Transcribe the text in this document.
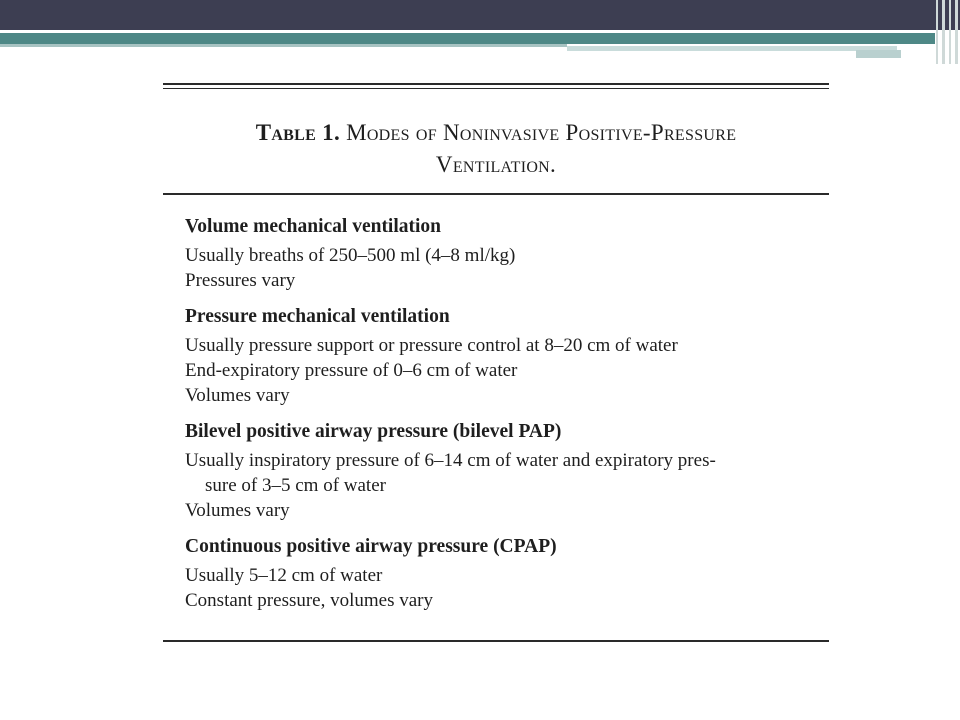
Table 1. Modes of Noninvasive Positive-Pressure
Ventilation.
Volume mechanical ventilation
Usually breaths of 250–500 ml (4–8 ml/kg)
Pressures vary
Pressure mechanical ventilation
Usually pressure support or pressure control at 8–20 cm of water
End-expiratory pressure of 0–6 cm of water
Volumes vary
Bilevel positive airway pressure (bilevel PAP)
Usually inspiratory pressure of 6–14 cm of water and expiratory pres-
sure of 3–5 cm of water
Volumes vary
Continuous positive airway pressure (CPAP)
Usually 5–12 cm of water
Constant pressure, volumes vary
